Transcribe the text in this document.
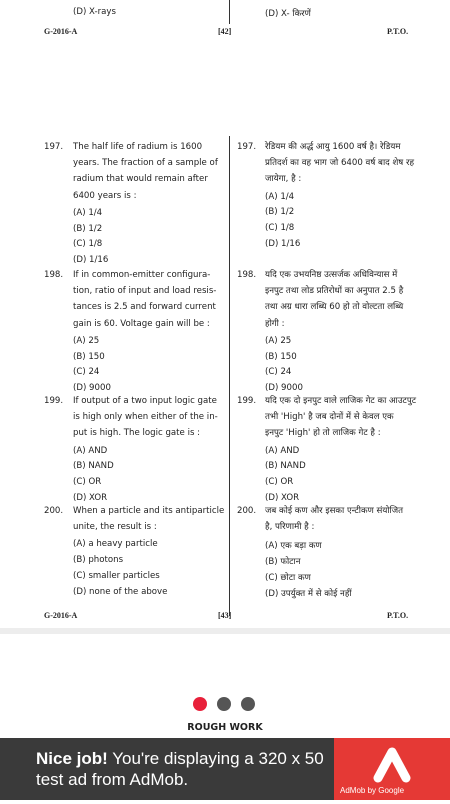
(D) X-rays	(D) X- किरणें
G-2016-A	[42]	P.T.O.
197. The half life of radium is 1600
years. The fraction of a sample of
radium that would remain after
6400 years is :
(A) 1/4
(B) 1/2
(C) 1/8
(D) 1/16
198. If in common-emitter configura-
tion, ratio of input and load resis-
tances is 2.5 and forward current
gain is 60. Voltage gain will be :
(A) 25
(B) 150
(C) 24
(D) 9000
199. If output of a two input logic gate
is high only when either of the in-
put is high. The logic gate is :
(A) AND
(B) NAND
(C) OR
(D) XOR
200. When a particle and its antiparticle
unite, the result is :
(A) a heavy particle
(B) photons
(C) smaller particles
(D) none of the above
197. रेडियम की अर्द्ध आयु 1600 वर्ष है। रेडियम
प्रतिदर्श का वह भाग जो 6400 वर्ष बाद शेष रह
जायेगा, है :
(A) 1/4
(B) 1/2
(C) 1/8
(D) 1/16
198. यदि एक उभयनिष्ठ उत्सर्जक अधिविन्यास में
इनपुट तथा लोड प्रतिरोधों का अनुपात 2.5 है
तथा अग्र धारा लब्धि 60 हो तो वोल्टता लब्धि
होगी :
(A) 25
(B) 150
(C) 24
(D) 9000
199. यदि एक दो इनपुट वाले लाजिक गेट का आउटपुट
तभी 'High' है जब दोनों में से केवल एक
इनपुट 'High' हो तो लाजिक गेट है :
(A) AND
(B) NAND
(C) OR
(D) XOR
200. जब कोई कण और इसका एन्टीकण संयोजित
है, परिणामी है :
(A) एक बड़ा कण
(B) फोटान
(C) छोटा कण
(D) उपर्युक्त में से कोई नहीं
G-2016-A	[43]	P.T.O.
ROUGH WORK
Nice job! You're displaying a 320 x 50 test ad from AdMob.
AdMob by Google
